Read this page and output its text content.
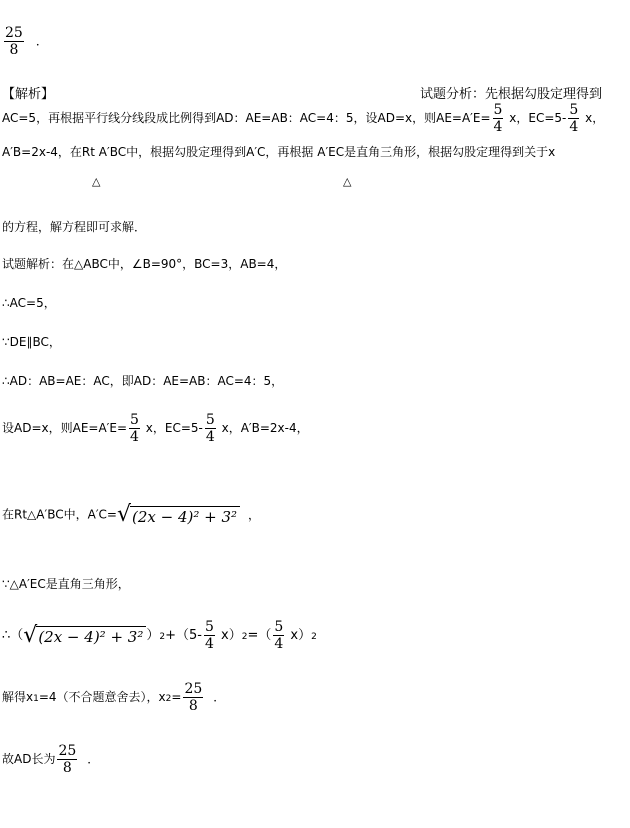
$\frac{25}{8}$ ．
【解析】	试题分析：先根据勾股定理得到
AC=5，再根据平行线分线段成比例得到AD：AE=AB：AC=4：5，设AD=x，则$AE=A'E= \frac{5}{4}$ x，$EC=5- \frac{5}{4}$ x，
A′B=2x-4，在Rt A′BC中，根据勾股定理得到A′C，再根据 A′EC是直角三角形，根据勾股定理得到关于x
△	△
的方程，解方程即可求解．
试题解析：在△ABC中，∠B=90°，BC=3，AB=4，
∴AC=5，
∵DE∥BC，
∴AD：AB=AE：AC，即AD：AE=AB：AC=4：5，
设AD=x，则$AE=A'E= \frac{5}{4}$ x，$EC=5- \frac{5}{4}$ x，A′B=2x-4，
在Rt△A′BC中，A′C=√(2x − 4)² + 3² ，
∵△A′EC是直角三角形，
∴（√(2x − 4)² + 3² ）$2+(5- \frac{5}{4} x)2=( \frac{5}{4} x)2$
解得x1=4（不合题意舍去），$x2= \frac{25}{8}$ ．
故AD长为 $\frac{25}{8}$ ．
